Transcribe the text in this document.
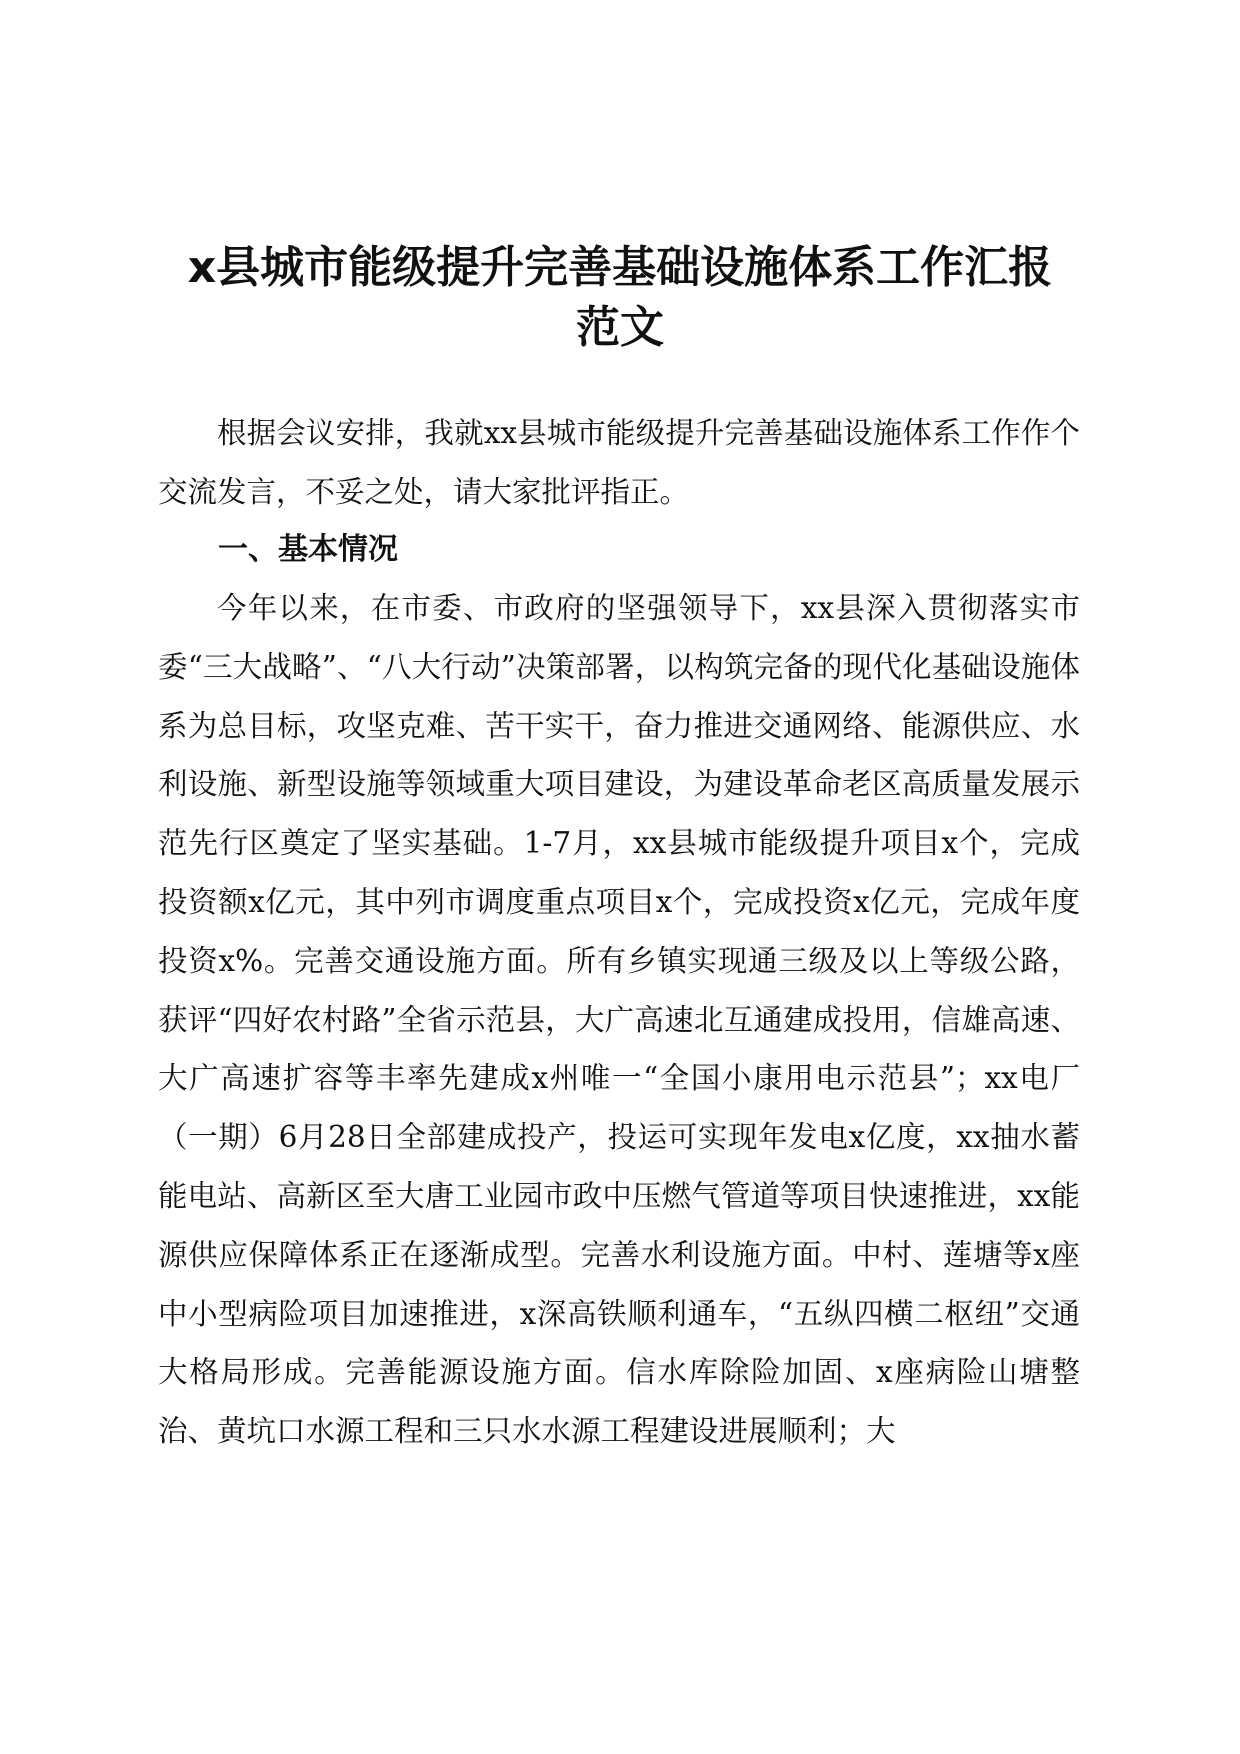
x县城市能级提升完善基础设施体系工作汇报
范文

根据会议安排，我就xx县城市能级提升完善基础设施体系工作作个交流发言，不妥之处，请大家批评指正。

一、基本情况

今年以来，在市委、市政府的坚强领导下，xx县深入贯彻落实市委“三大战略”、“八大行动”决策部署，以构筑完备的现代化基础设施体系为总目标，攻坚克难、苦干实干，奋力推进交通网络、能源供应、水利设施、新型设施等领域重大项目建设，为建设革命老区高质量发展示范先行区奠定了坚实基础。1-7月，xx县城市能级提升项目x个，完成投资额x亿元，其中列市调度重点项目x个，完成投资x亿元，完成年度投资x%。完善交通设施方面。所有乡镇实现通三级及以上等级公路，获评“四好农村路”全省示范县，大广高速北互通建成投用，信雄高速、大广高速扩容等丰率先建成x州唯一“全国小康用电示范县”；xx电厂（一期）6月28日全部建成投产，投运可实现年发电x亿度，xx抽水蓄能电站、高新区至大唐工业园市政中压燃气管道等项目快速推进，xx能源供应保障体系正在逐渐成型。完善水利设施方面。中村、莲塘等x座中小型病险项目加速推进，x深高铁顺利通车，“五纵四横二枢纽”交通大格局形成。完善能源设施方面。信水库除险加固、x座病险山塘整治、黄坑口水源工程和三只水水源工程建设进展顺利；大
